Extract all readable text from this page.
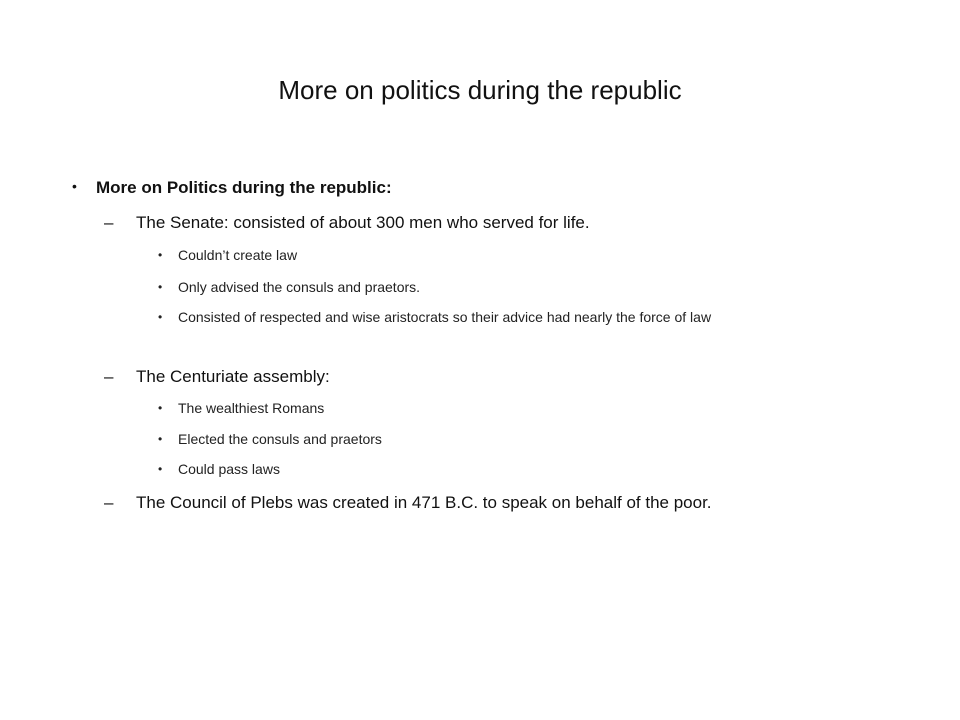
More on politics during the republic
• More on Politics during the republic:
– The Senate: consisted of about 300 men who served for life.
• Couldn’t create law
• Only advised the consuls and praetors.
• Consisted of respected and wise aristocrats so their advice had nearly the force of law
– The Centuriate assembly:
• The wealthiest Romans
• Elected the consuls and praetors
• Could pass laws
– The Council of Plebs was created in 471 B.C. to speak on behalf of the poor.
